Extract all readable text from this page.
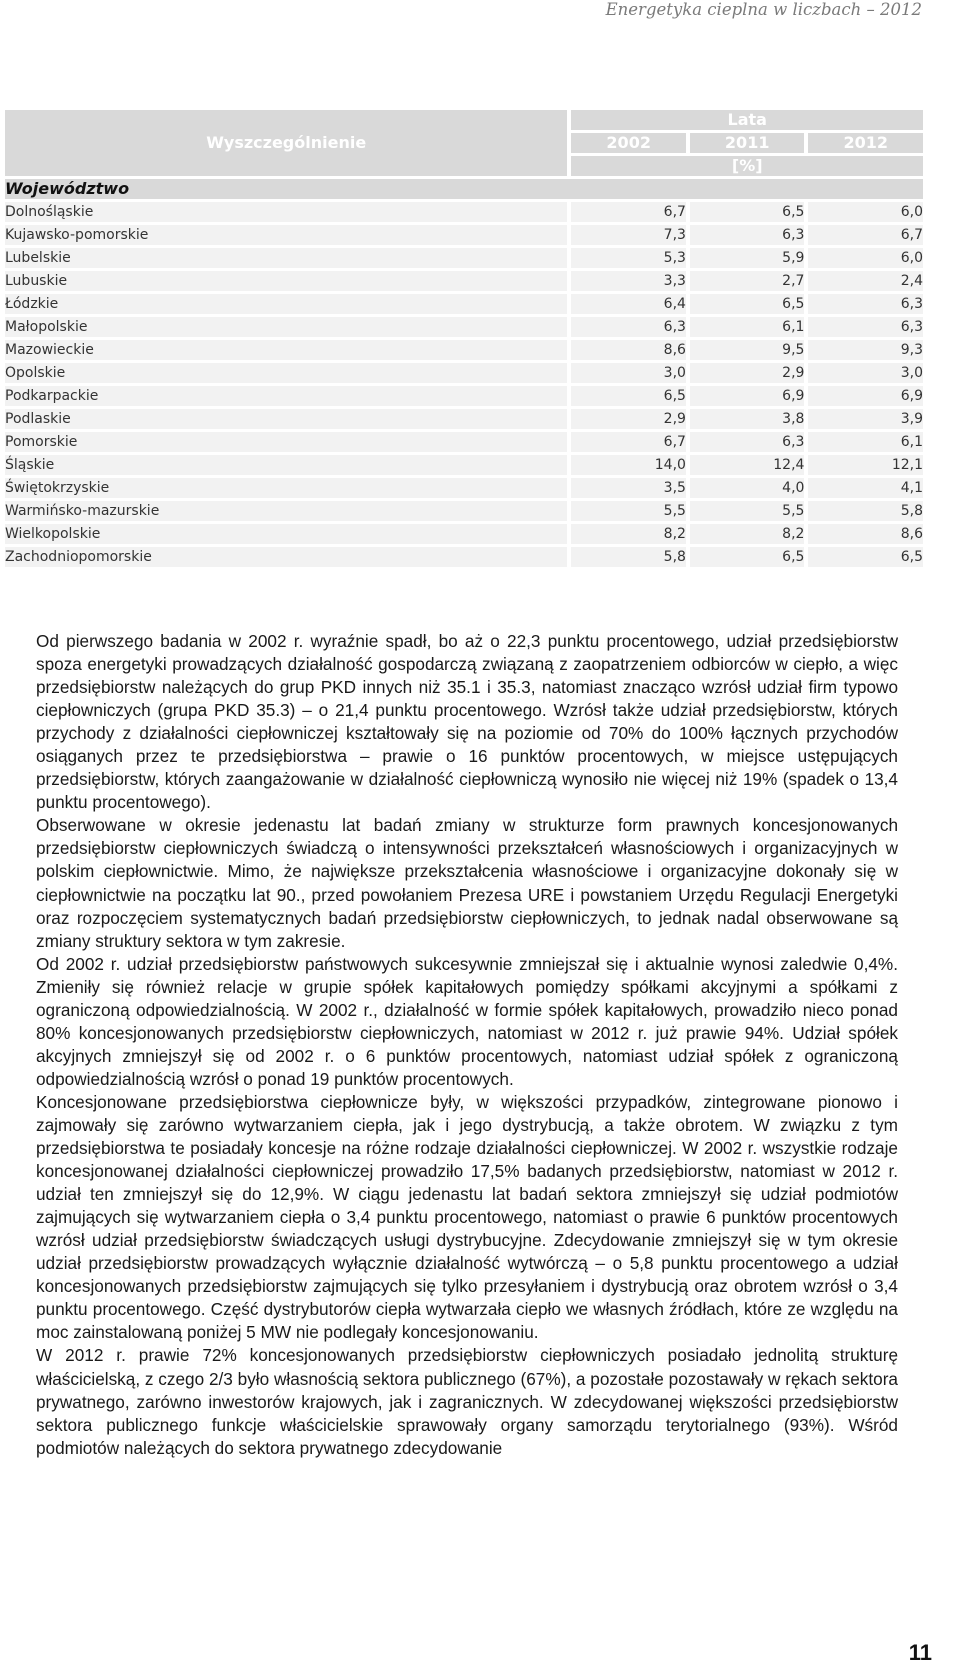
Energetyka cieplna w liczbach – 2012
Wyszczególnienie		Lata				
		2002		2011		2012
		[%]				
Województwo						
Dolnośląskie		6,7		6,5		6,0
Kujawsko-pomorskie		7,3		6,3		6,7
Lubelskie		5,3		5,9		6,0
Lubuskie		3,3		2,7		2,4
Łódzkie		6,4		6,5		6,3
Małopolskie		6,3		6,1		6,3
Mazowieckie		8,6		9,5		9,3
Opolskie		3,0		2,9		3,0
Podkarpackie		6,5		6,9		6,9
Podlaskie		2,9		3,8		3,9
Pomorskie		6,7		6,3		6,1
Śląskie		14,0		12,4		12,1
Świętokrzyskie		3,5		4,0		4,1
Warmińsko-mazurskie		5,5		5,5		5,8
Wielkopolskie		8,2		8,2		8,6
Zachodniopomorskie		5,8		6,5		6,5

Od pierwszego badania w 2002 r. wyraźnie spadł, bo aż o 22,3 punktu procentowego, udział przedsiębiorstw spoza energetyki prowadzących działalność gospodarczą związaną z zaopatrzeniem odbiorców w ciepło, a więc przedsiębiorstw należących do grup PKD innych niż 35.1 i 35.3, natomiast znacząco wzrósł udział firm typowo ciepłowniczych (grupa PKD 35.3) – o 21,4 punktu procentowego. Wzrósł także udział przedsiębiorstw, których przychody z działalności ciepłowniczej kształtowały się na poziomie od 70% do 100% łącznych przychodów osiąganych przez te przedsiębiorstwa – prawie o 16 punktów procentowych, w miejsce ustępujących przedsiębiorstw, których zaangażowanie w działalność ciepłowniczą wynosiło nie więcej niż 19% (spadek o 13,4 punktu procentowego).

Obserwowane w okresie jedenastu lat badań zmiany w strukturze form prawnych koncesjonowanych przedsiębiorstw ciepłowniczych świadczą o intensywności przekształceń własnościowych i organizacyjnych w polskim ciepłownictwie. Mimo, że największe przekształcenia własnościowe i organizacyjne dokonały się w ciepłownictwie na początku lat 90., przed powołaniem Prezesa URE i powstaniem Urzędu Regulacji Energetyki oraz rozpoczęciem systematycznych badań przedsiębiorstw ciepłowniczych, to jednak nadal obserwowane są zmiany struktury sektora w tym zakresie.

Od 2002 r. udział przedsiębiorstw państwowych sukcesywnie zmniejszał się i aktualnie wynosi zaledwie 0,4%. Zmieniły się również relacje w grupie spółek kapitałowych pomiędzy spółkami akcyjnymi a spółkami z ograniczoną odpowiedzialnością. W 2002 r., działalność w formie spółek kapitałowych, prowadziło nieco ponad 80% koncesjonowanych przedsiębiorstw ciepłowniczych, natomiast w 2012 r. już prawie 94%. Udział spółek akcyjnych zmniejszył się od 2002 r. o 6 punktów procentowych, natomiast udział spółek z ograniczoną odpowiedzialnością wzrósł o ponad 19 punktów procentowych.

Koncesjonowane przedsiębiorstwa ciepłownicze były, w większości przypadków, zintegrowane pionowo i zajmowały się zarówno wytwarzaniem ciepła, jak i jego dystrybucją, a także obrotem. W związku z tym przedsiębiorstwa te posiadały koncesje na różne rodzaje działalności ciepłowniczej. W 2002 r. wszystkie rodzaje koncesjonowanej działalności ciepłowniczej prowadziło 17,5% badanych przedsiębiorstw, natomiast w 2012 r. udział ten zmniejszył się do 12,9%. W ciągu jedenastu lat badań sektora zmniejszył się udział podmiotów zajmujących się wytwarzaniem ciepła o 3,4 punktu procentowego, natomiast o prawie 6 punktów procentowych wzrósł udział przedsiębiorstw świadczących usługi dystrybucyjne. Zdecydowanie zmniejszył się w tym okresie udział przedsiębiorstw prowadzących wyłącznie działalność wytwórczą – o 5,8 punktu procentowego a udział koncesjonowanych przedsiębiorstw zajmujących się tylko przesyłaniem i dystrybucją oraz obrotem wzrósł o 3,4 punktu procentowego. Część dystrybutorów ciepła wytwarzała ciepło we własnych źródłach, które ze względu na moc zainstalowaną poniżej 5 MW nie podlegały koncesjonowaniu.

W 2012 r. prawie 72% koncesjonowanych przedsiębiorstw ciepłowniczych posiadało jednolitą strukturę właścicielską, z czego 2/3 było własnością sektora publicznego (67%), a pozostałe pozostawały w rękach sektora prywatnego, zarówno inwestorów krajowych, jak i zagranicznych. W zdecydowanej większości przedsiębiorstw sektora publicznego funkcje właścicielskie sprawowały organy samorządu terytorialnego (93%). Wśród podmiotów należących do sektora prywatnego zdecydowanie

11
